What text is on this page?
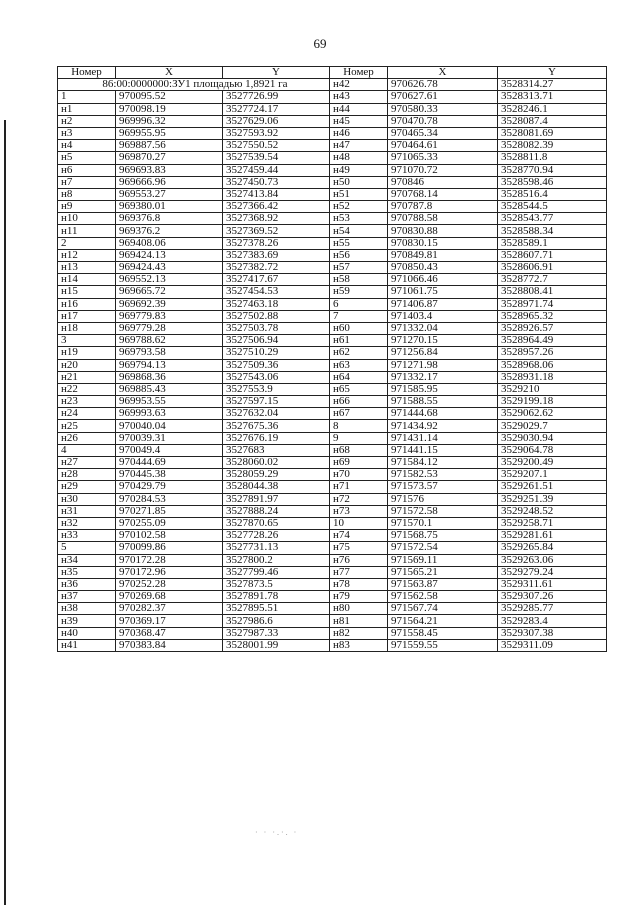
69
Номер	X	Y	Номер	X	Y
86:00:0000000:ЗУ1 площадью 1,8921 га			н42	970626.78	3528314.27
1	970095.52	3527726.99	н43	970627.61	3528313.71
н1	970098.19	3527724.17	н44	970580.33	3528246.1
н2	969996.32	3527629.06	н45	970470.78	3528087.4
н3	969955.95	3527593.92	н46	970465.34	3528081.69
н4	969887.56	3527550.52	н47	970464.61	3528082.39
н5	969870.27	3527539.54	н48	971065.33	3528811.8
н6	969693.83	3527459.44	н49	971070.72	3528770.94
н7	969666.96	3527450.73	н50	970846	3528598.46
н8	969553.27	3527413.84	н51	970768.14	3528516.4
н9	969380.01	3527366.42	н52	970787.8	3528544.5
н10	969376.8	3527368.92	н53	970788.58	3528543.77
н11	969376.2	3527369.52	н54	970830.88	3528588.34
2	969408.06	3527378.26	н55	970830.15	3528589.1
н12	969424.13	3527383.69	н56	970849.81	3528607.71
н13	969424.43	3527382.72	н57	970850.43	3528606.91
н14	969552.13	3527417.67	н58	971066.46	3528772.7
н15	969665.72	3527454.53	н59	971061.75	3528808.41
н16	969692.39	3527463.18	6	971406.87	3528971.74
н17	969779.83	3527502.88	7	971403.4	3528965.32
н18	969779.28	3527503.78	н60	971332.04	3528926.57
3	969788.62	3527506.94	н61	971270.15	3528964.49
н19	969793.58	3527510.29	н62	971256.84	3528957.26
н20	969794.13	3527509.36	н63	971271.98	3528968.06
н21	969868.36	3527543.06	н64	971332.17	3528931.18
н22	969885.43	3527553.9	н65	971585.95	3529210
н23	969953.55	3527597.15	н66	971588.55	3529199.18
н24	969993.63	3527632.04	н67	971444.68	3529062.62
н25	970040.04	3527675.36	8	971434.92	3529029.7
н26	970039.31	3527676.19	9	971431.14	3529030.94
4	970049.4	3527683	н68	971441.15	3529064.78
н27	970444.69	3528060.02	н69	971584.12	3529200.49
н28	970445.38	3528059.29	н70	971582.53	3529207.1
н29	970429.79	3528044.38	н71	971573.57	3529261.51
н30	970284.53	3527891.97	н72	971576	3529251.39
н31	970271.85	3527888.24	н73	971572.58	3529248.52
н32	970255.09	3527870.65	10	971570.1	3529258.71
н33	970102.58	3527728.26	н74	971568.75	3529281.61
5	970099.86	3527731.13	н75	971572.54	3529265.84
н34	970172.28	3527800.2	н76	971569.11	3529263.06
н35	970172.96	3527799.46	н77	971565.21	3529279.24
н36	970252.28	3527873.5	н78	971563.87	3529311.61
н37	970269.68	3527891.78	н79	971562.58	3529307.26
н38	970282.37	3527895.51	н80	971567.74	3529285.77
н39	970369.17	3527986.6	н81	971564.21	3529283.4
н40	970368.47	3527987.33	н82	971558.45	3529307.38
н41	970383.84	3528001.99	н83	971559.55	3529311.09
· · ·.·. ·
